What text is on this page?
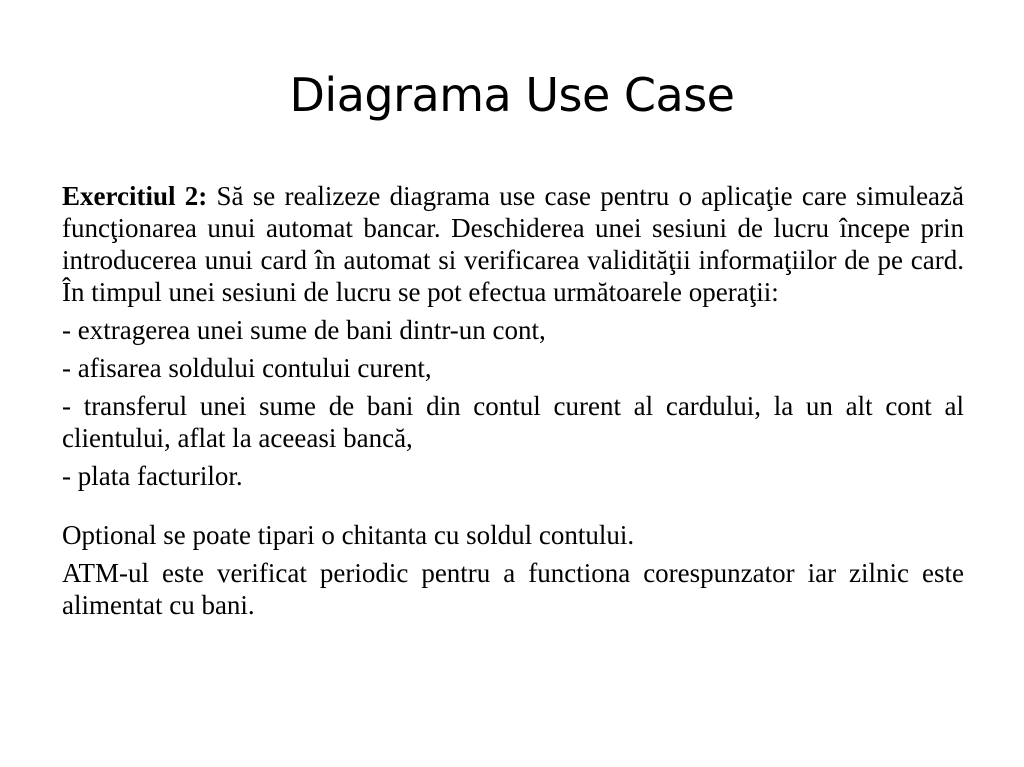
Diagrama Use Case

Exercitiul 2: Să se realizeze diagrama use case pentru o aplicaţie care simulează funcţionarea unui automat bancar. Deschiderea unei sesiuni de lucru începe prin introducerea unui card în automat si verificarea validităţii informaţiilor de pe card. În timpul unei sesiuni de lucru se pot efectua următoarele operaţii:

- extragerea unei sume de bani dintr-un cont,

- afisarea soldului contului curent,

- transferul unei sume de bani din contul curent al cardului, la un alt cont al clientului, aflat la aceeasi bancă,

- plata facturilor.

Optional se poate tipari o chitanta cu soldul contului.

ATM-ul este verificat periodic pentru a functiona corespunzator iar zilnic este alimentat cu bani.
